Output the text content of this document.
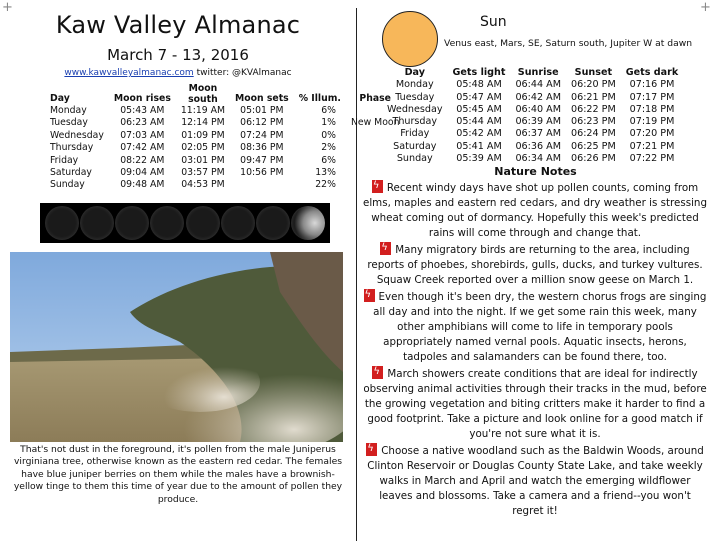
+	+
Kaw Valley Almanac
March 7 - 13, 2016
www.kawvalleyalmanac.com twitter: @KVAlmanac
Day	Moon rises	Moon south	Moon sets	% Illum.	Phase
Monday	05:43 AM	11:19 AM	05:01 PM	6%	
Tuesday	06:23 AM	12:14 PM	06:12 PM	1%	New Moon
Wednesday	07:03 AM	01:09 PM	07:24 PM	0%	
Thursday	07:42 AM	02:05 PM	08:36 PM	2%	
Friday	08:22 AM	03:01 PM	09:47 PM	6%	
Saturday	09:04 AM	03:57 PM	10:56 PM	13%	
Sunday	09:48 AM	04:53 PM		22%	
That's not dust in the foreground, it's pollen from the male Juniperus virginiana tree, otherwise known as the eastern red cedar. The females have blue juniper berries on them while the males have a brownish-yellow tinge to them this time of year due to the amount of pollen they produce.
Sun
Venus east, Mars, SE, Saturn south, Jupiter W at dawn
Day	Gets light	Sunrise	Sunset	Gets dark
Monday	05:48 AM	06:44 AM	06:20 PM	07:16 PM
Tuesday	05:47 AM	06:42 AM	06:21 PM	07:17 PM
Wednesday	05:45 AM	06:40 AM	06:22 PM	07:18 PM
Thursday	05:44 AM	06:39 AM	06:23 PM	07:19 PM
Friday	05:42 AM	06:37 AM	06:24 PM	07:20 PM
Saturday	05:41 AM	06:36 AM	06:25 PM	07:21 PM
Sunday	05:39 AM	06:34 AM	06:26 PM	07:22 PM
Nature Notes

ϟRecent windy days have shot up pollen counts, coming from elms, maples and eastern red cedars, and dry weather is stressing wheat coming out of dormancy. Hopefully this week's predicted rains will come through and change that.

ϟMany migratory birds are returning to the area, including reports of phoebes, shorebirds, gulls, ducks, and turkey vultures. Squaw Creek reported over a million snow geese on March 1.

ϟEven though it's been dry, the western chorus frogs are singing all day and into the night. If we get some rain this week, many other amphibians will come to life in temporary pools appropriately named vernal pools. Aquatic insects, herons, tadpoles and salamanders can be found there, too.

ϟMarch showers create conditions that are ideal for indirectly observing animal activities through their tracks in the mud, before the growing vegetation and biting critters make it harder to find a good footprint. Take a picture and look online for a good match if you're not sure what it is.

ϟChoose a native woodland such as the Baldwin Woods, around Clinton Reservoir or Douglas County State Lake, and take weekly walks in March and April and watch the emerging wildflower leaves and blossoms. Take a camera and a friend--you won't regret it!
